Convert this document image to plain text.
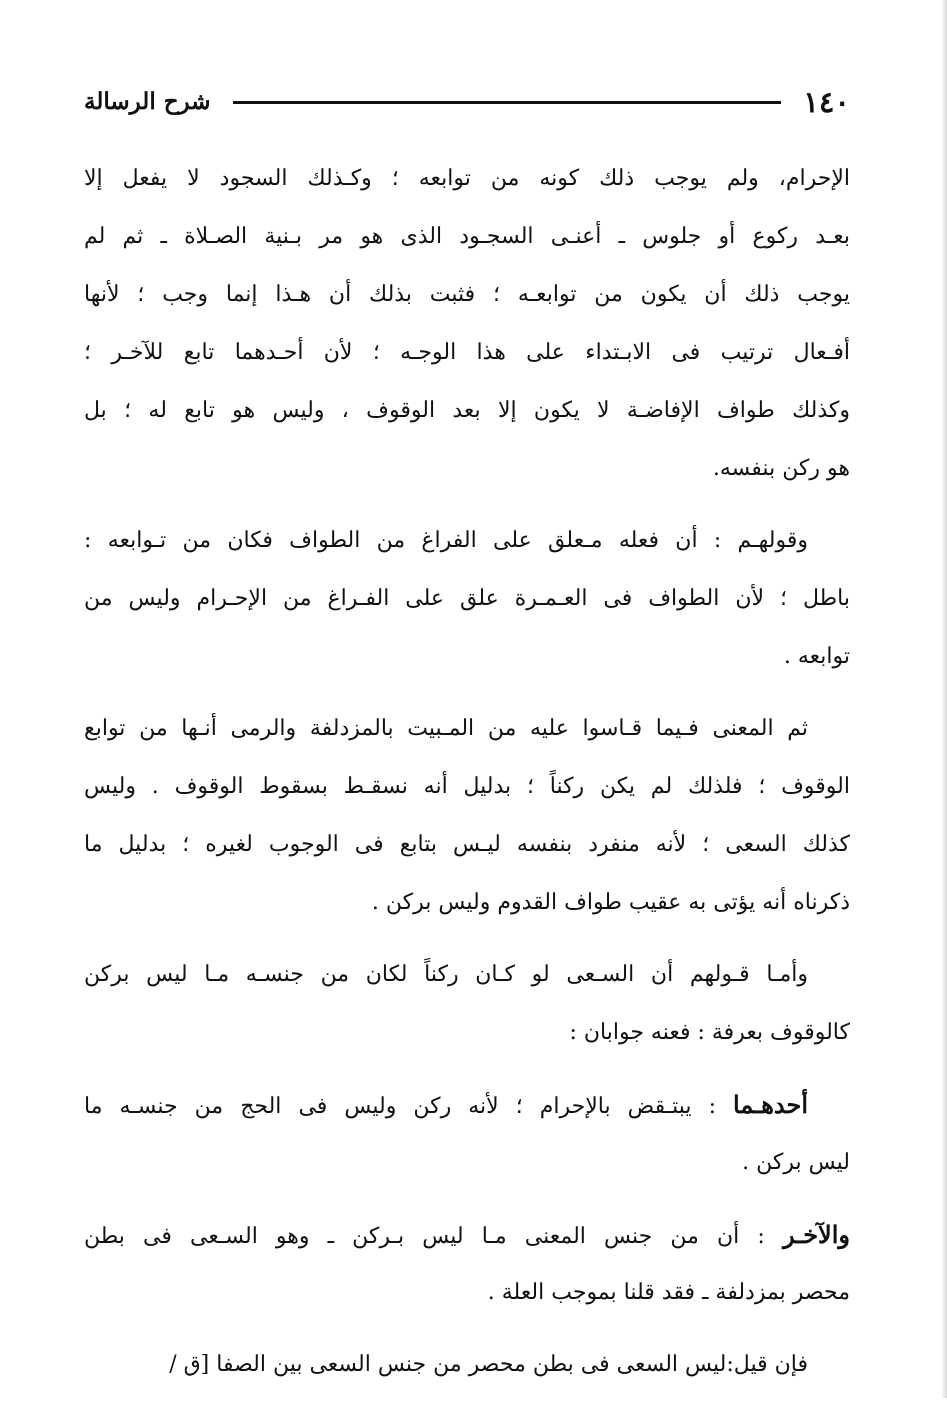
١٤٠
شرح الرسالة
الإحرام، ولم يوجب ذلك كونه من توابعه ؛ وكـذلك السجود لا يفعل إلا
بعـد ركوع أو جلوس ـ أعنـى السجـود الذى هو مر بـنية الصـلاة ـ ثم لم
يوجب ذلك أن يكون من توابعـه ؛ فثبت بذلك أن هـذا إنما وجب ؛ لأنها
أفـعال ترتيب فى الابـتداء على هذا الوجـه ؛ لأن أحـدهما تابع للآخـر ؛
وكذلك طواف الإفاضـة لا يكون إلا بعد الوقوف ، وليس هو تابع له ؛ بل
هو ركن بنفسه.
وقولهـم : أن فعله مـعلق على الفراغ من الطواف فكان من تـوابعه :
باطل ؛ لأن الطواف فى العـمـرة علق على الفـراغ من الإحـرام وليس من
توابعه .
ثم المعنى فـيما قـاسوا عليه من المـبيت بالمزدلفة والرمى أنـها من توابع
الوقوف ؛ فلذلك لم يكن ركناً ؛ بدليل أنه نسقـط بسقوط الوقوف . وليس
كذلك السعى ؛ لأنه منفرد بنفسه ليـس بتابع فى الوجوب لغيره ؛ بدليل ما
ذكرناه أنه يؤتى به عقيب طواف القدوم وليس بركن .
وأمـا قـولهم أن السـعى لو كـان ركناً لكان من جنسـه مـا ليس بركن
كالوقوف بعرفة : فعنه جوابان :
أحدهـما : يبتـقض بالإحرام ؛ لأنه ركن وليس فى الحج من جنسـه ما
ليس بركن .
والآخـر : أن من جنس المعنى مـا ليس بـركن ـ وهو السـعى فى بطن
محصر بمزدلفة ـ فقد قلنا بموجب العلة .
فإن قيل:ليس السعى فى بطن محصر من جنس السعى بين الصفا [ق /
